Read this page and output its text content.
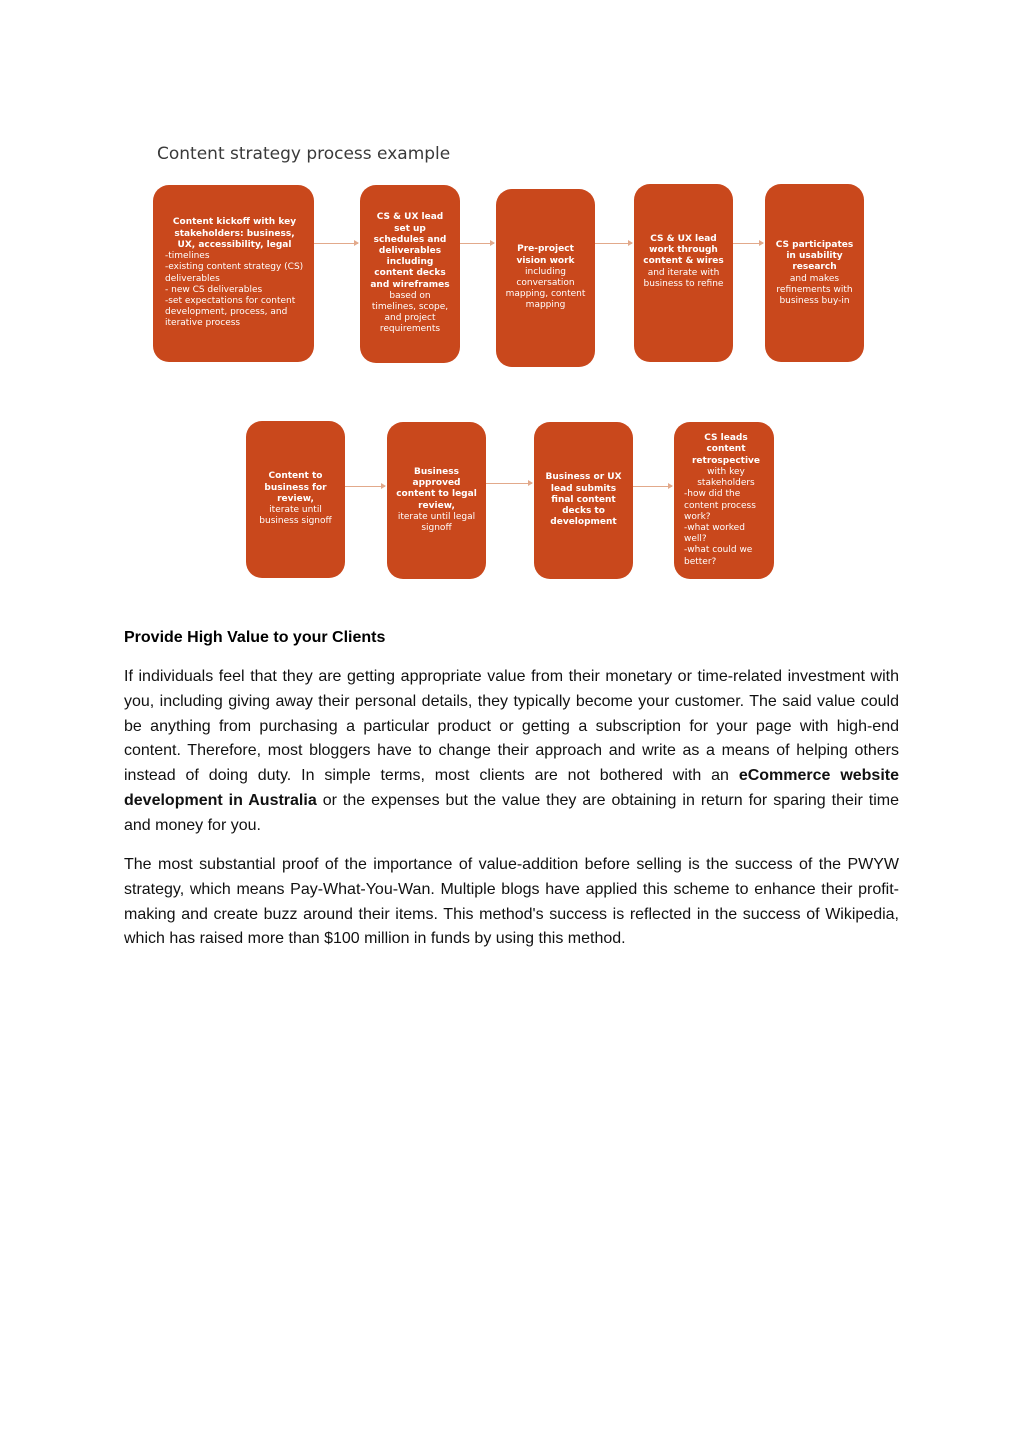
Content strategy process example
Content kickoff with key stakeholders: business, UX, accessibility, legal
-timelines
-existing content strategy (CS) deliverables
- new CS deliverables
-set expectations for content development, process, and iterative process
CS & UX lead set up schedules and deliverables including content decks and wireframes
based on timelines, scope, and project requirements
Pre-project vision work
including conversation mapping, content mapping
CS & UX lead work through content & wires
and iterate with business to refine
CS participates in usability research
and makes refinements with business buy-in
Content to business for review,
iterate until business signoff
Business approved content to legal review,
iterate until legal signoff
Business or UX lead submits final content decks to development
CS leads content retrospective
with key stakeholders
-how did the content process work?
-what worked well?
-what could we better?
Provide High Value to your Clients

If individuals feel that they are getting appropriate value from their monetary or time-related investment with you, including giving away their personal details, they typically become your customer. The said value could be anything from purchasing a particular product or getting a subscription for your page with high-end content. Therefore, most bloggers have to change their approach and write as a means of helping others instead of doing duty. In simple terms, most clients are not bothered with an eCommerce website development in Australia or the expenses but the value they are obtaining in return for sparing their time and money for you.

The most substantial proof of the importance of value-addition before selling is the success of the PWYW strategy, which means Pay-What-You-Wan. Multiple blogs have applied this scheme to enhance their profit-making and create buzz around their items. This method's success is reflected in the success of Wikipedia, which has raised more than $100 million in funds by using this method.
